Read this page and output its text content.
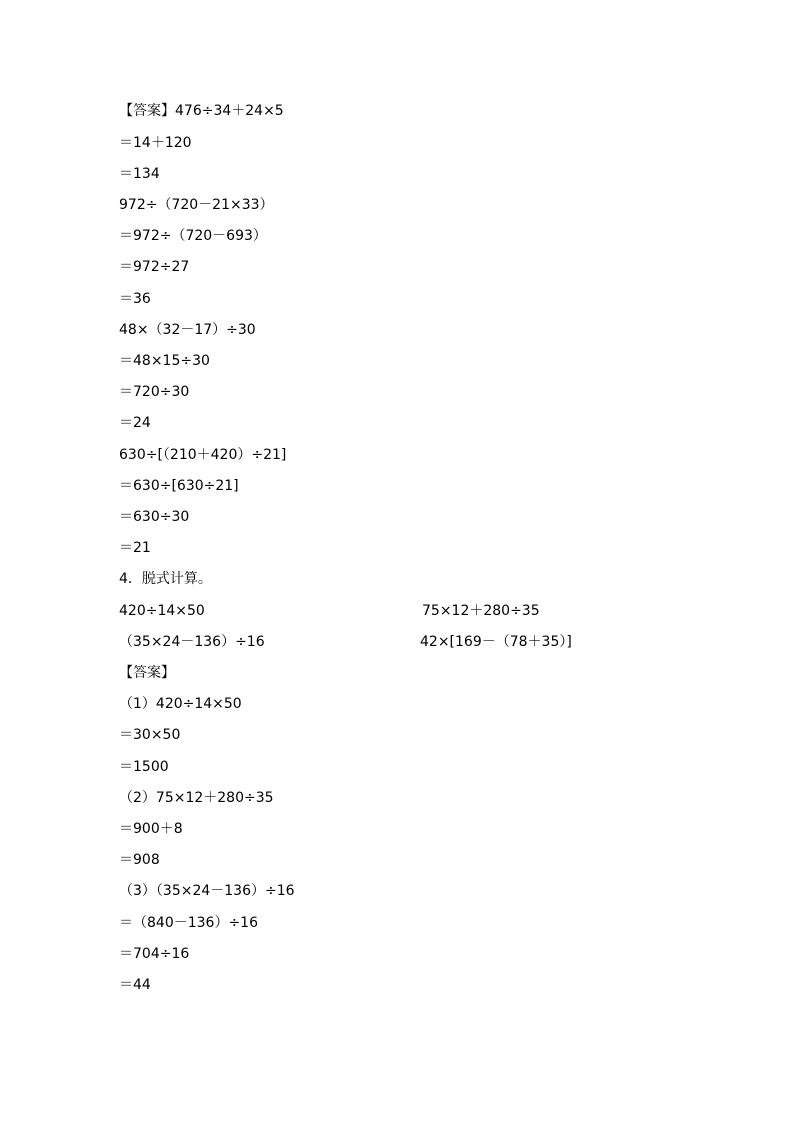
【答案】476÷34＋24×5
＝14＋120
＝134
972÷（720－21×33）
＝972÷（720－693）
＝972÷27
＝36
48×（32－17）÷30
＝48×15÷30
＝720÷30
＝24
630÷[（210＋420）÷21]
＝630÷[630÷21]
＝630÷30
＝21
4．脱式计算。
420÷14×50	75×12＋280÷35
（35×24－136）÷16	42×[169－（78＋35）]
【答案】
（1）420÷14×50
＝30×50
＝1500
（2）75×12＋280÷35
＝900＋8
＝908
（3）（35×24－136）÷16
＝（840－136）÷16
＝704÷16
＝44
